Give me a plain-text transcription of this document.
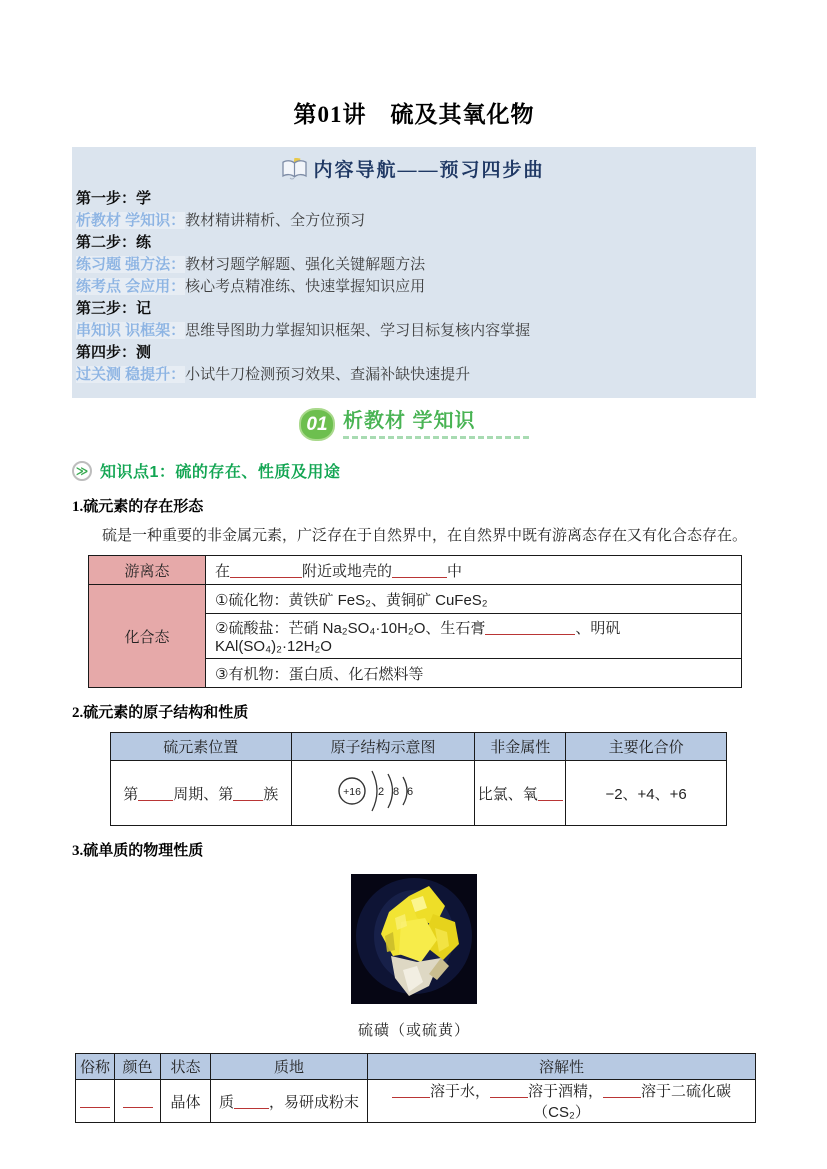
第01讲　硫及其氧化物
内容导航——预习四步曲
第一步：学
析教材 学知识：教材精讲精析、全方位预习
第二步：练
练习题 强方法：教材习题学解题、强化关键解题方法
练考点 会应用：核心考点精准练、快速掌握知识应用
第三步：记
串知识 识框架：思维导图助力掌握知识框架、学习目标复核内容掌握
第四步：测
过关测 稳提升：小试牛刀检测预习效果、查漏补缺快速提升
01 析教材 学知识
≫ 知识点1：硫的存在、性质及用途
1.硫元素的存在形态
硫是一种重要的非金属元素，广泛存在于自然界中，在自然界中既有游离态存在又有化合态存在。
游离态	在 附近或地壳的 中
化合态	①硫化物：黄铁矿 FeS₂、黄铜矿 CuFeS₂
	②硫酸盐：芒硝 Na₂SO₄·10H₂O、生石膏 、明矾 KAl(SO₄)₂·12H₂O
	③有机物：蛋白质、化石燃料等
2.硫元素的原子结构和性质
硫元素位置	原子结构示意图	非金属性	主要化合价
第 周期、第 族	+16 2 8 6	比氯、氧	−2、+4、+6
3.硫单质的物理性质
硫磺（或硫黄）
俗称	颜色	状态	质地	溶解性
		晶体	质 ，易研成粉末	溶于水， 溶于酒精， 溶于二硫化碳（CS₂）
